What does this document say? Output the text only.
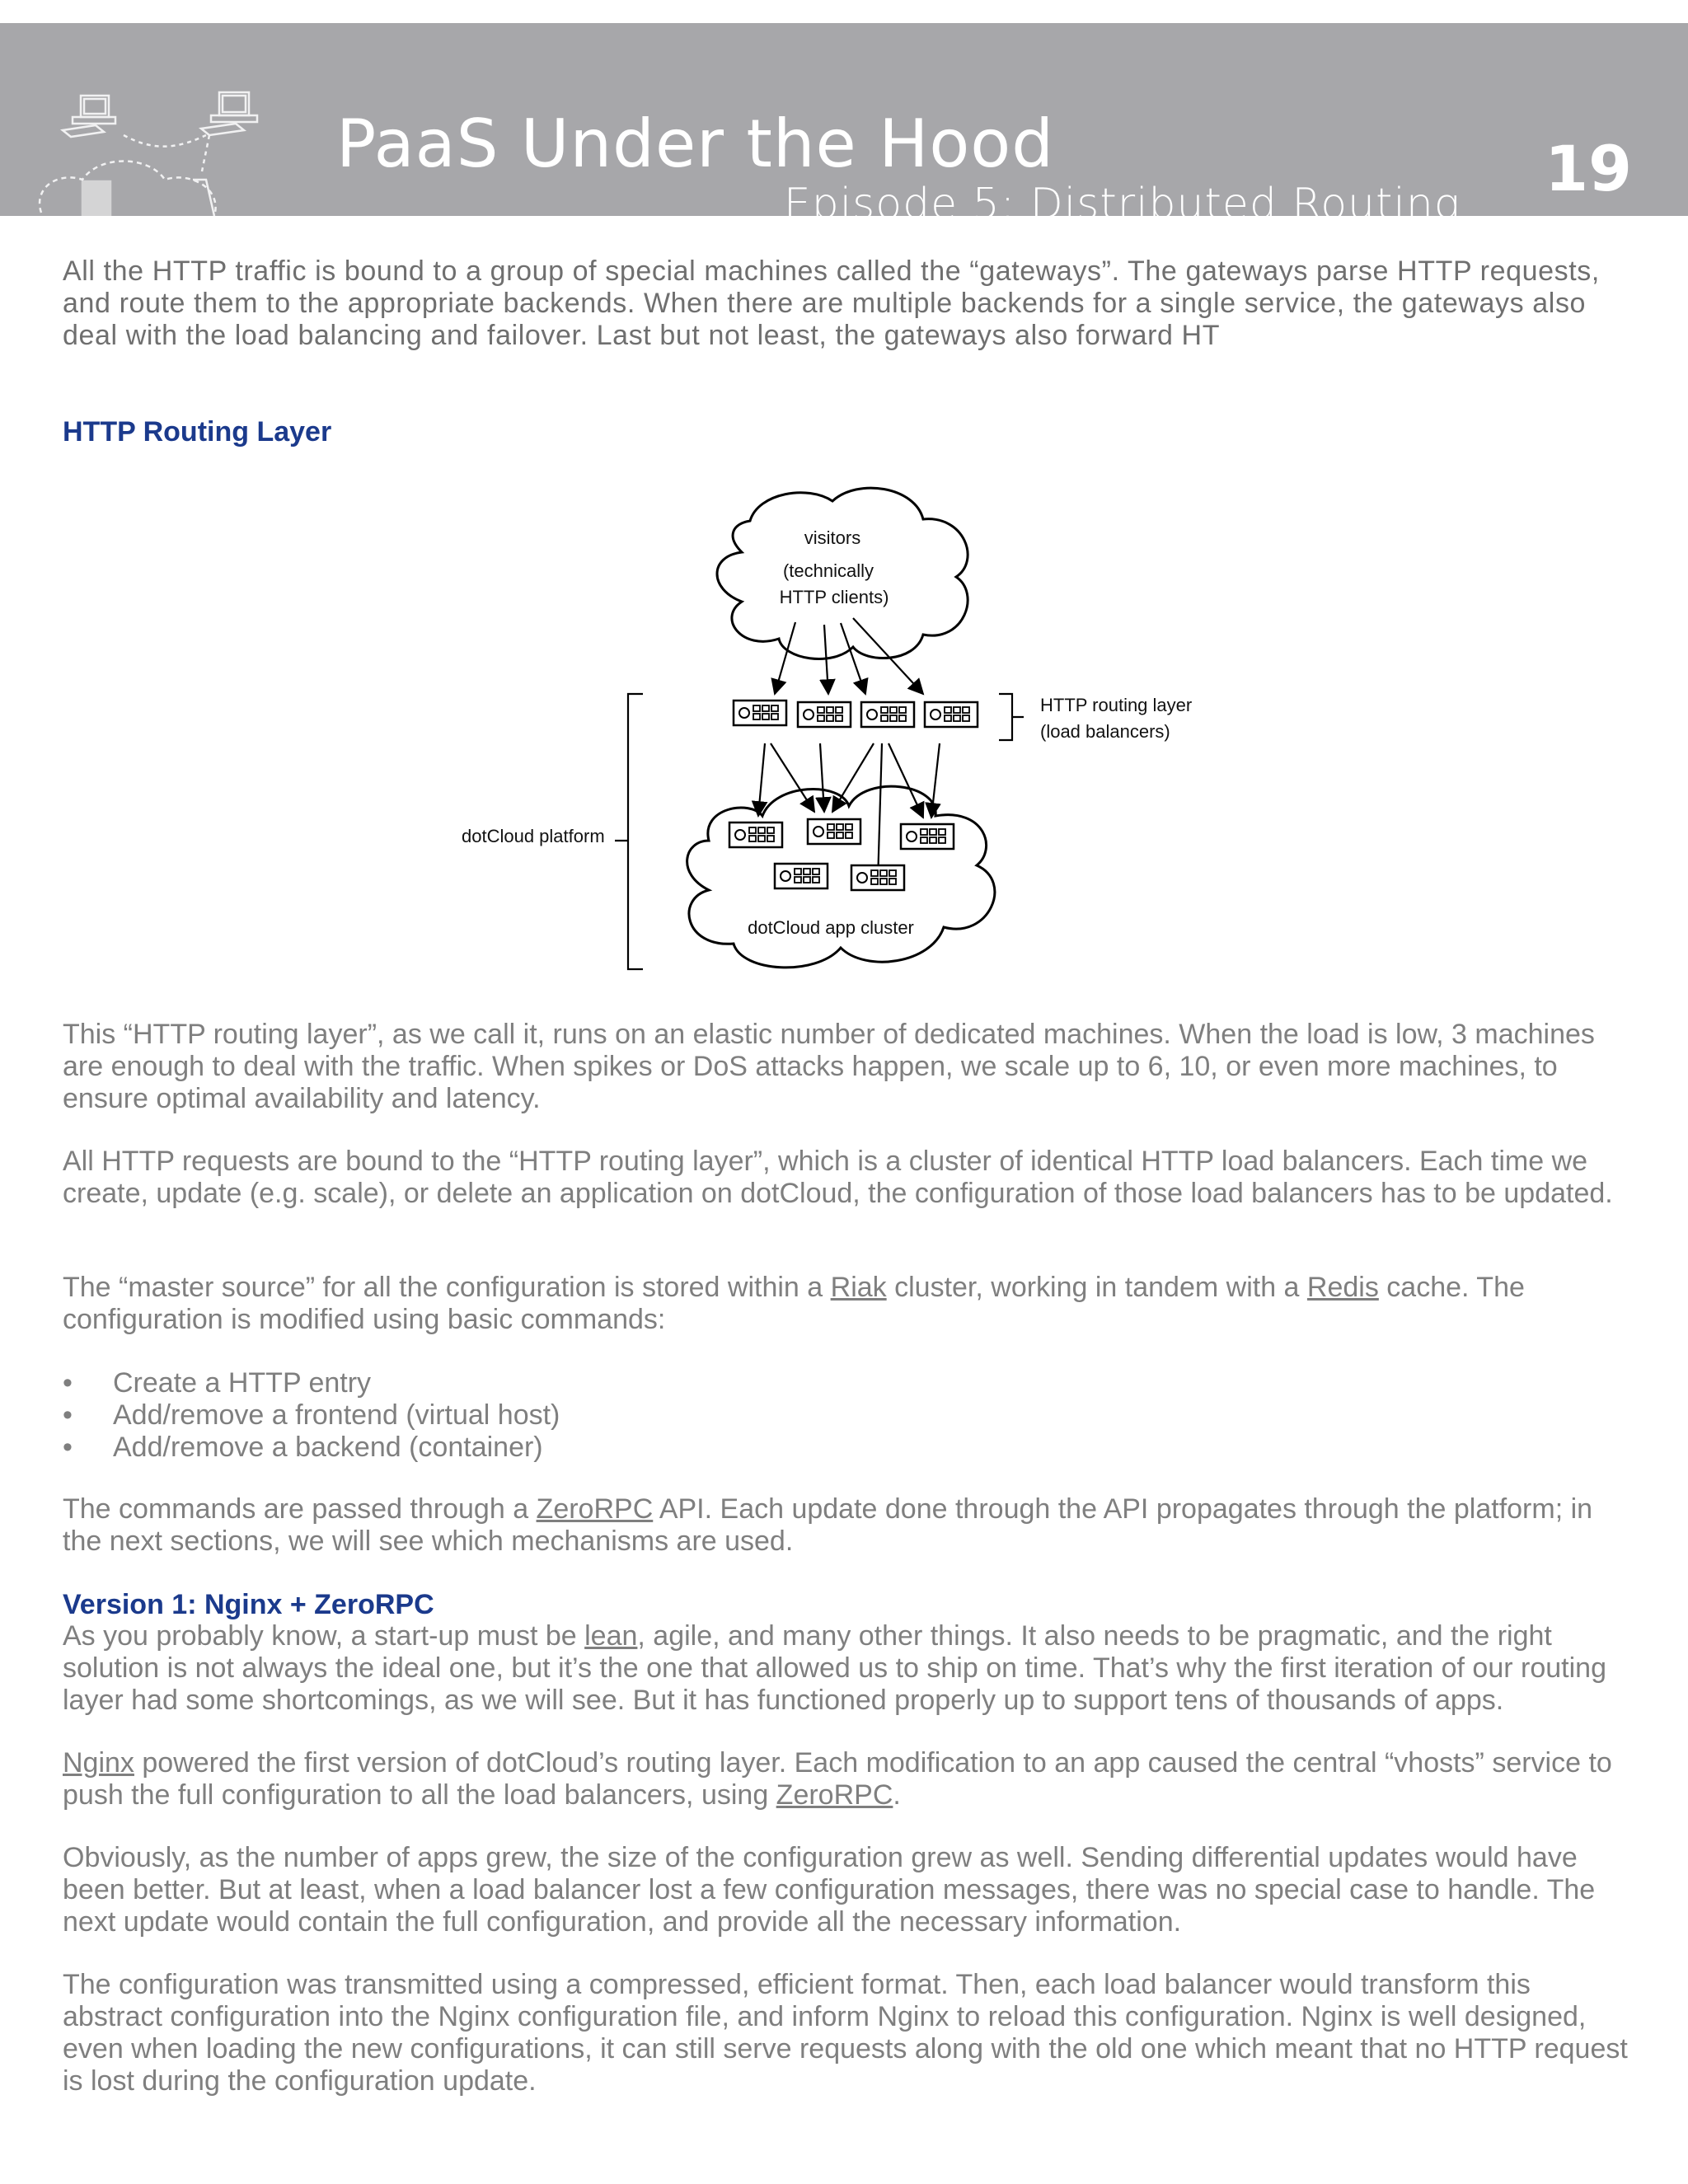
PaaS Under the Hood
Episode 5: Distributed Routing 19
All the HTTP traffic is bound to a group of special machines called the “gateways”. The gateways parse HTTP requests, and route them to the appropriate backends. When there are multiple backends for a single service, the gateways also deal with the load balancing and failover. Last but not least, the gateways also forward HT
HTTP Routing Layer
visitors
(technically
HTTP clients)
HTTP routing layer
(load balancers)
dotCloud platform
dotCloud app cluster
This “HTTP routing layer”, as we call it, runs on an elastic number of dedicated machines. When the load is low, 3 machines are enough to deal with the traffic. When spikes or DoS attacks happen, we scale up to 6, 10, or even more machines, to ensure optimal availability and latency.
All HTTP requests are bound to the “HTTP routing layer”, which is a cluster of identical HTTP load balancers. Each time we create, update (e.g. scale), or delete an application on dotCloud, the configuration of those load balancers has to be updated.
The “master source” for all the configuration is stored within a Riak cluster, working in tandem with a Redis cache. The configuration is modified using basic commands:
• Create a HTTP entry
• Add/remove a frontend (virtual host)
• Add/remove a backend (container)
The commands are passed through a ZeroRPC API. Each update done through the API propagates through the platform; in the next sections, we will see which mechanisms are used.
Version 1: Nginx + ZeroRPC
As you probably know, a start-up must be lean, agile, and many other things. It also needs to be pragmatic, and the right solution is not always the ideal one, but it’s the one that allowed us to ship on time. That’s why the first iteration of our routing layer had some shortcomings, as we will see. But it has functioned properly up to support tens of thousands of apps.
Nginx powered the first version of dotCloud’s routing layer. Each modification to an app caused the central “vhosts” service to push the full configuration to all the load balancers, using ZeroRPC.
Obviously, as the number of apps grew, the size of the configuration grew as well. Sending differential updates would have been better. But at least, when a load balancer lost a few configuration messages, there was no special case to handle. The next update would contain the full configuration, and provide all the necessary information.
The configuration was transmitted using a compressed, efficient format. Then, each load balancer would transform this abstract configuration into the Nginx configuration file, and inform Nginx to reload this configuration. Nginx is well designed, even when loading the new configurations, it can still serve requests along with the old one which meant that no HTTP request is lost during the configuration update.
